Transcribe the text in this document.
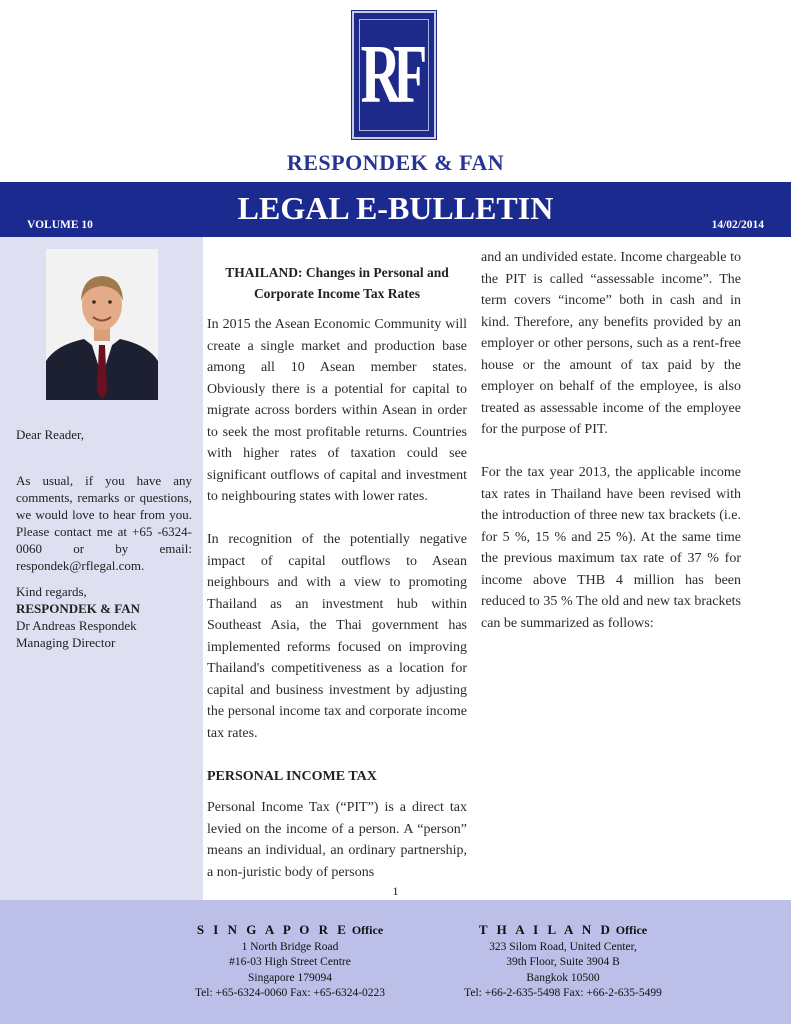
RF
RESPONDEK & FAN
VOLUME 10	LEGAL E-BULLETIN	14/02/2014
Dear Reader,
As usual, if you have any comments, remarks or questions, we would love to hear from you. Please contact me at +65 -6324-0060 or by email: respondek@rflegal.com.
Kind regards,
RESPONDEK & FAN
Dr Andreas Respondek
Managing Director
THAILAND: Changes in Personal and Corporate Income Tax Rates

In 2015 the Asean Economic Community will create a single market and production base among all 10 Asean member states. Obviously there is a potential for capital to migrate across borders within Asean in order to seek the most profitable returns. Countries with higher rates of taxation could see significant outflows of capital and investment to neighbouring states with lower rates.

In recognition of the potentially negative impact of capital outflows to Asean neighbours and with a view to promoting Thailand as an investment hub within Southeast Asia, the Thai government has implemented reforms focused on improving Thailand's competitiveness as a location for capital and business investment by adjusting the personal income tax and corporate income tax rates.

PERSONAL INCOME TAX

Personal Income Tax (“PIT”) is a direct tax levied on the income of a person. A “person” means an individual, an ordinary partnership, a non-juristic body of persons

and an undivided estate. Income chargeable to the PIT is called “assessable income”. The term covers “income” both in cash and in kind. Therefore, any benefits provided by an employer or other persons, such as a rent-free house or the amount of tax paid by the employer on behalf of the employee, is also treated as assessable income of the employee for the purpose of PIT.

For the tax year 2013, the applicable income tax rates in Thailand have been revised with the introduction of three new tax brackets (i.e. for 5 %, 15 % and 25 %). At the same time the previous maximum tax rate of 37 % for income above THB 4 million has been reduced to 35 % The old and new tax brackets can be summarized as follows:

1
S I N G A P O R E Office
1 North Bridge Road
#16-03 High Street Centre
Singapore 179094
Tel: +65-6324-0060 Fax: +65-6324-0223
T H A I L A N D Office
323 Silom Road, United Center,
39th Floor, Suite 3904 B
Bangkok 10500
Tel: +66-2-635-5498 Fax: +66-2-635-5499
